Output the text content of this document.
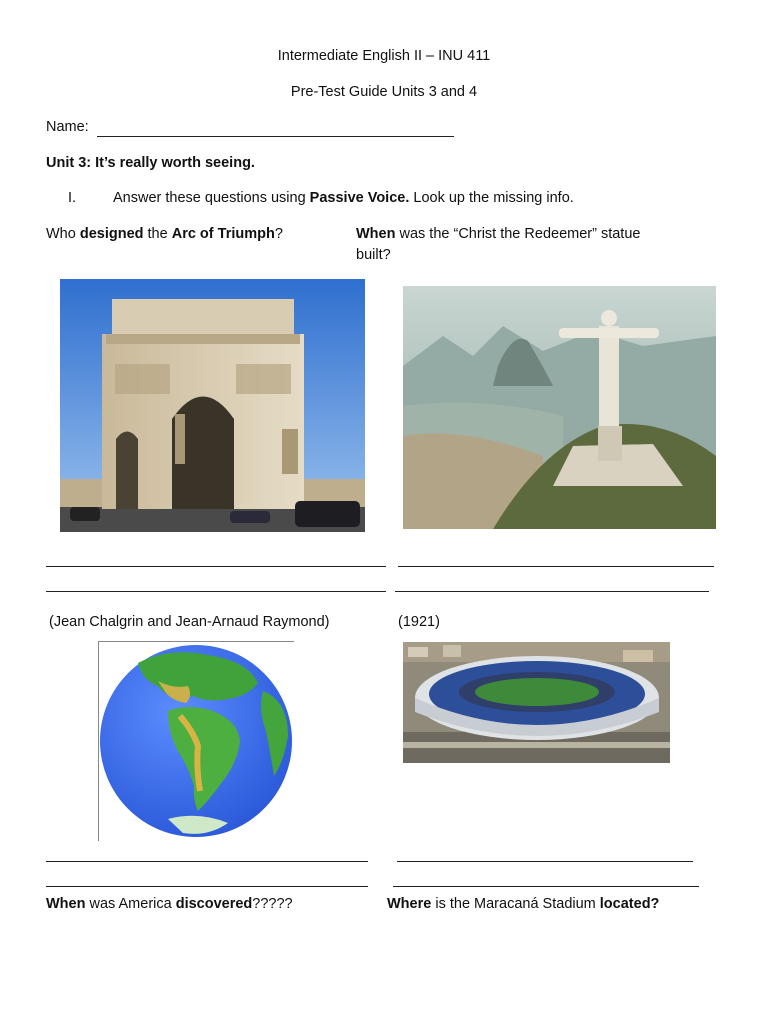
Intermediate English II – INU 411
Pre-Test Guide Units 3 and 4
Name:
Unit 3: It’s really worth seeing.
I.	Answer these questions using Passive Voice. Look up the missing info.
Who designed the Arc of Triumph?	When was the “Christ the Redeemer” statue
built?
(Jean Chalgrin and Jean-Arnaud Raymond)	(1921)
When was America discovered?????	Where is the Maracaná Stadium located?
